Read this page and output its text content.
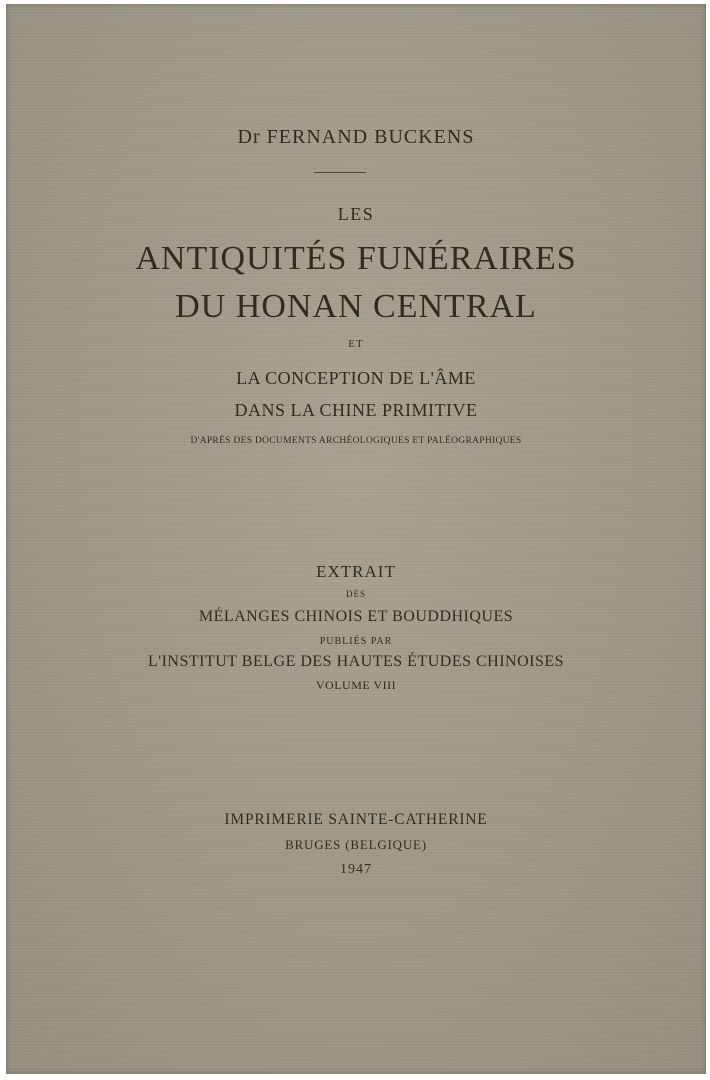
Dr FERNAND BUCKENS
LES
ANTIQUITÉS FUNÉRAIRES
DU HONAN CENTRAL
ET
LA CONCEPTION DE L'ÂME
DANS LA CHINE PRIMITIVE
D'APRÈS DES DOCUMENTS ARCHÉOLOGIQUES ET PALÉOGRAPHIQUES
EXTRAIT
DES
MÉLANGES CHINOIS ET BOUDDHIQUES
PUBLIÉS PAR
L'INSTITUT BELGE DES HAUTES ÉTUDES CHINOISES
VOLUME VIII
IMPRIMERIE SAINTE-CATHERINE
BRUGES (BELGIQUE)
1947
